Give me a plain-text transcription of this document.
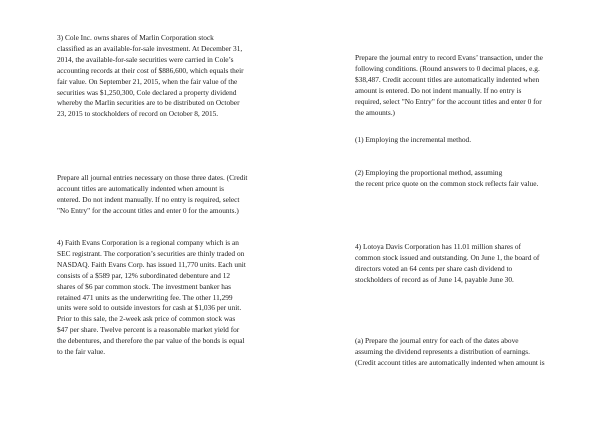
3) Cole Inc. owns shares of Marlin Corporation stock
classified as an available-for-sale investment. At December 31,
2014, the available-for-sale securities were carried in Cole’s
accounting records at their cost of $886,600, which equals their
fair value. On September 21, 2015, when the fair value of the
securities was $1,250,300, Cole declared a property dividend
whereby the Marlin securities are to be distributed on October
23, 2015 to stockholders of record on October 8, 2015.
Prepare all journal entries necessary on those three dates. (Credit
account titles are automatically indented when amount is
entered. Do not indent manually. If no entry is required, select
"No Entry" for the account titles and enter 0 for the amounts.)
4) Faith Evans Corporation is a regional company which is an
SEC registrant. The corporation’s securities are thinly traded on
NASDAQ. Faith Evans Corp. has issued 11,770 units. Each unit
consists of a $589 par, 12% subordinated debenture and 12
shares of $6 par common stock. The investment banker has
retained 471 units as the underwriting fee. The other 11,299
units were sold to outside investors for cash at $1,036 per unit.
Prior to this sale, the 2-week ask price of common stock was
$47 per share. Twelve percent is a reasonable market yield for
the debentures, and therefore the par value of the bonds is equal
to the fair value.
Prepare the journal entry to record Evans’ transaction, under the
following conditions. (Round answers to 0 decimal places, e.g.
$38,487. Credit account titles are automatically indented when
amount is entered. Do not indent manually. If no entry is
required, select "No Entry" for the account titles and enter 0 for
the amounts.)
(1) Employing the incremental method.
(2) Employing the proportional method, assuming
the recent price quote on the common stock reflects fair value.
4) Lotoya Davis Corporation has 11.01 million shares of
common stock issued and outstanding. On June 1, the board of
directors voted an 64 cents per share cash dividend to
stockholders of record as of June 14, payable June 30.
(a) Prepare the journal entry for each of the dates above
assuming the dividend represents a distribution of earnings.
(Credit account titles are automatically indented when amount is
